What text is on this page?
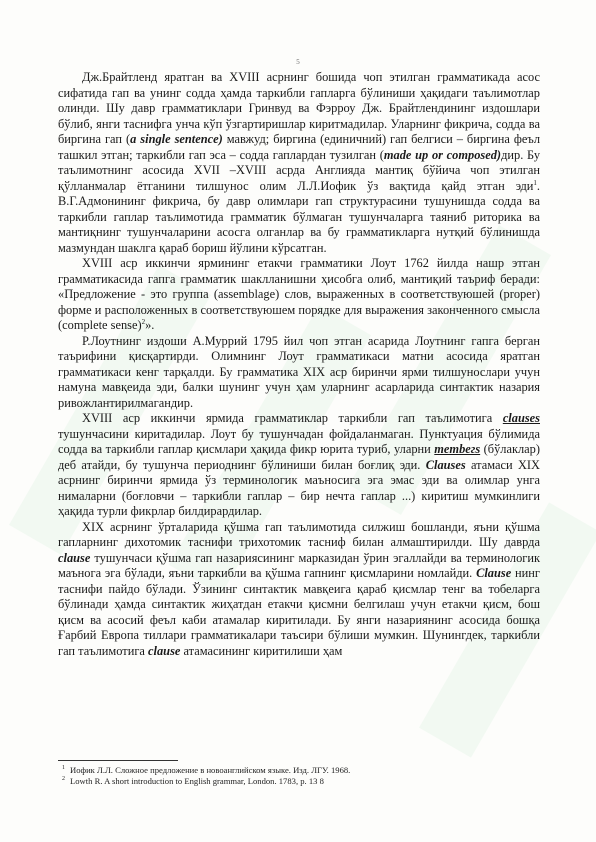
5

Дж.Брайтленд яратган ва XVIII асрнинг бошида чоп этилган грамматикада асос сифатида гап ва унинг содда ҳамда таркибли гапларга бўлиниши ҳақидаги таълимотлар олинди. Шу давр грамматиклари Гринвуд ва Фэрроу Дж. Брайтлендининг издошлари бўлиб, янги таснифга унча кўп ўзгартиришлар киритмадилар. Уларнинг фикрича, содда ва биргина гап (a single sentence) мавжуд; биргина (единичний) гап белгиси – биргина феъл ташкил этган; таркибли гап эса – содда гаплардан тузилган (made up or composed)дир. Бу таълимотнинг асосида XVII –XVIII асрда Англияда мантиқ бўйича чоп этилган қўлланмалар ётганини тилшунос олим Л.Л.Иофик ўз вақтида қайд этган эди$^1$. В.Г.Адмонининг фикрича, бу давр олимлари гап структурасини тушунишда содда ва таркибли гаплар таълимотида грамматик бўлмаган тушунчаларга таяниб риторика ва мантиқнинг тушунчаларини асосга олганлар ва бу грамматикларга нутқий бўлинишда мазмундан шаклга қараб бориш йўлини кўрсатган.

XVIII аср иккинчи ярмининг етакчи грамматики Лоут 1762 йилда нашр этган грамматикасида гапга грамматик шаклланишни ҳисобга олиб, мантиқий таъриф беради: «Предложение - это группа (assemblage) слов, выраженных в соответствуюшей (proper) форме и расположенных в соответствуюшем порядке для выражения законченного смысла (complete sense)$^2$».

Р.Лоутнинг издоши А.Муррий 1795 йил чоп этган асарида Лоутнинг гапга берган таърифини қисқартирди. Олимнинг Лоут грамматикаси матни асосида яратган грамматикаси кенг тарқалди. Бу грамматика XIX аср биринчи ярми тилшунослари учун намуна мавқеида эди, балки шунинг учун ҳам уларнинг асарларида синтактик назария ривожлантирилмагандир.

XVIII аср иккинчи ярмида грамматиклар таркибли гап таълимотига clauses тушунчасини киритадилар. Лоут бу тушунчадан фойдаланмаган. Пунктуация бўлимида содда ва таркибли гаплар қисмлари ҳақида фикр юрита туриб, уларни membегs (бўлаклар) деб атайди, бу тушунча периоднинг бўлиниши билан боғлиқ эди. Clauses атамаси XIX асрнинг биринчи ярмида ўз терминологик маъносига эга эмас эди ва олимлар унга нималарни (боғловчи – таркибли гаплар – бир нечта гаплар ...) киритиш мумкинлиги ҳақида турли фикрлар билдирардилар.

XIX асрнинг ўрталарида қўшма гап таълимотида силжиш бошланди, яъни қўшма гапларнинг дихотомик таснифи трихотомик тасниф билан алмаштирилди. Шу даврда clause тушунчаси қўшма гап назариясининг марказидан ўрин эгаллайди ва терминологик маънога эга бўлади, яъни таркибли ва қўшма гапнинг қисмларини номлайди. Clause нинг таснифи пайдо бўлади. Ўзининг синтактик мавқеига қараб қисмлар тенг ва тобеларга бўлинади ҳамда синтактик жиҳатдан етакчи қисмни белгилаш учун етакчи қисм, бош қисм ва асосий феъл каби атамалар киритилади. Бу янги назариянинг асосида бошқа Ғарбий Европа тиллари грамматикалари таъсири бўлиши мумкин. Шунингдек, таркибли гап таълимотига clause атамасининг киритилиши ҳам

1 Иофик Л.Л. Сложное предложение в новоанглийском языке. Изд. ЛГУ. 1968.
2 Lowth R. A short introduction to English grammar, London. 1783, p. 13 8
